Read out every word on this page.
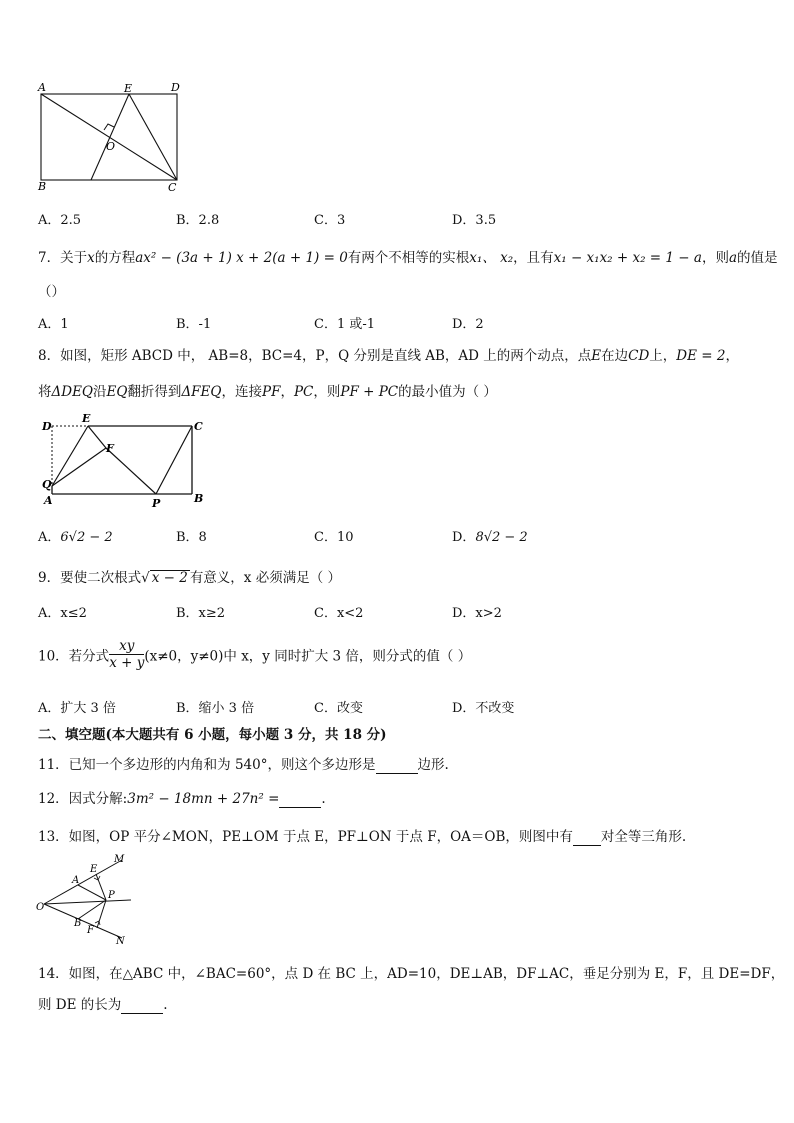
A	E	D
O
B	C
A．2.5	B．2.8	C．3	D．3.5
7．关于x的方程ax² − (3a + 1) x + 2(a + 1) = 0有两个不相等的实根x₁、 x₂，且有x₁ − x₁x₂ + x₂ = 1 − a，则a的值是
（）
A．1	B．-1	C．1 或-1	D．2
8．如图，矩形 ABCD 中， AB=8，BC=4，P，Q 分别是直线 AB，AD 上的两个动点，点E在边CD上，DE = 2，
将ΔDEQ沿EQ翻折得到ΔFEQ，连接PF，PC，则PF + PC的最小值为（ ）
D
E
C
F
Q
A	P	B
A．6√2 − 2	B．8	C．10	D．8√2 − 2
9．要使二次根式√ x − 2 有意义，x 必须满足（ ）
A．x≤2	B．x≥2	C．x<2	D．x>2
10．若分式 $\frac{xy}{x + y} (x\ne 0$，y≠0)中 x，y 同时扩大 3 倍，则分式的值（ ）
A．扩大 3 倍	B．缩小 3 倍	C．改变	D．不改变
二、填空题(本大题共有 6 小题，每小题 3 分，共 18 分)
11．已知一个多边形的内角和为 540°，则这个多边形是	边形.
12．因式分解:3m² − 18mn + 27n² =	.
13．如图，OP 平分∠MON，PE⊥OM 于点 E，PF⊥ON 于点 F，OA＝OB，则图中有 对全等三角形.
M
E
A
P
O
B
F
N
14．如图，在△ABC 中，∠BAC=60°，点 D 在 BC 上，AD=10，DE⊥AB，DF⊥AC，垂足分别为 E，F，且 DE=DF，
则 DE 的长为	.
